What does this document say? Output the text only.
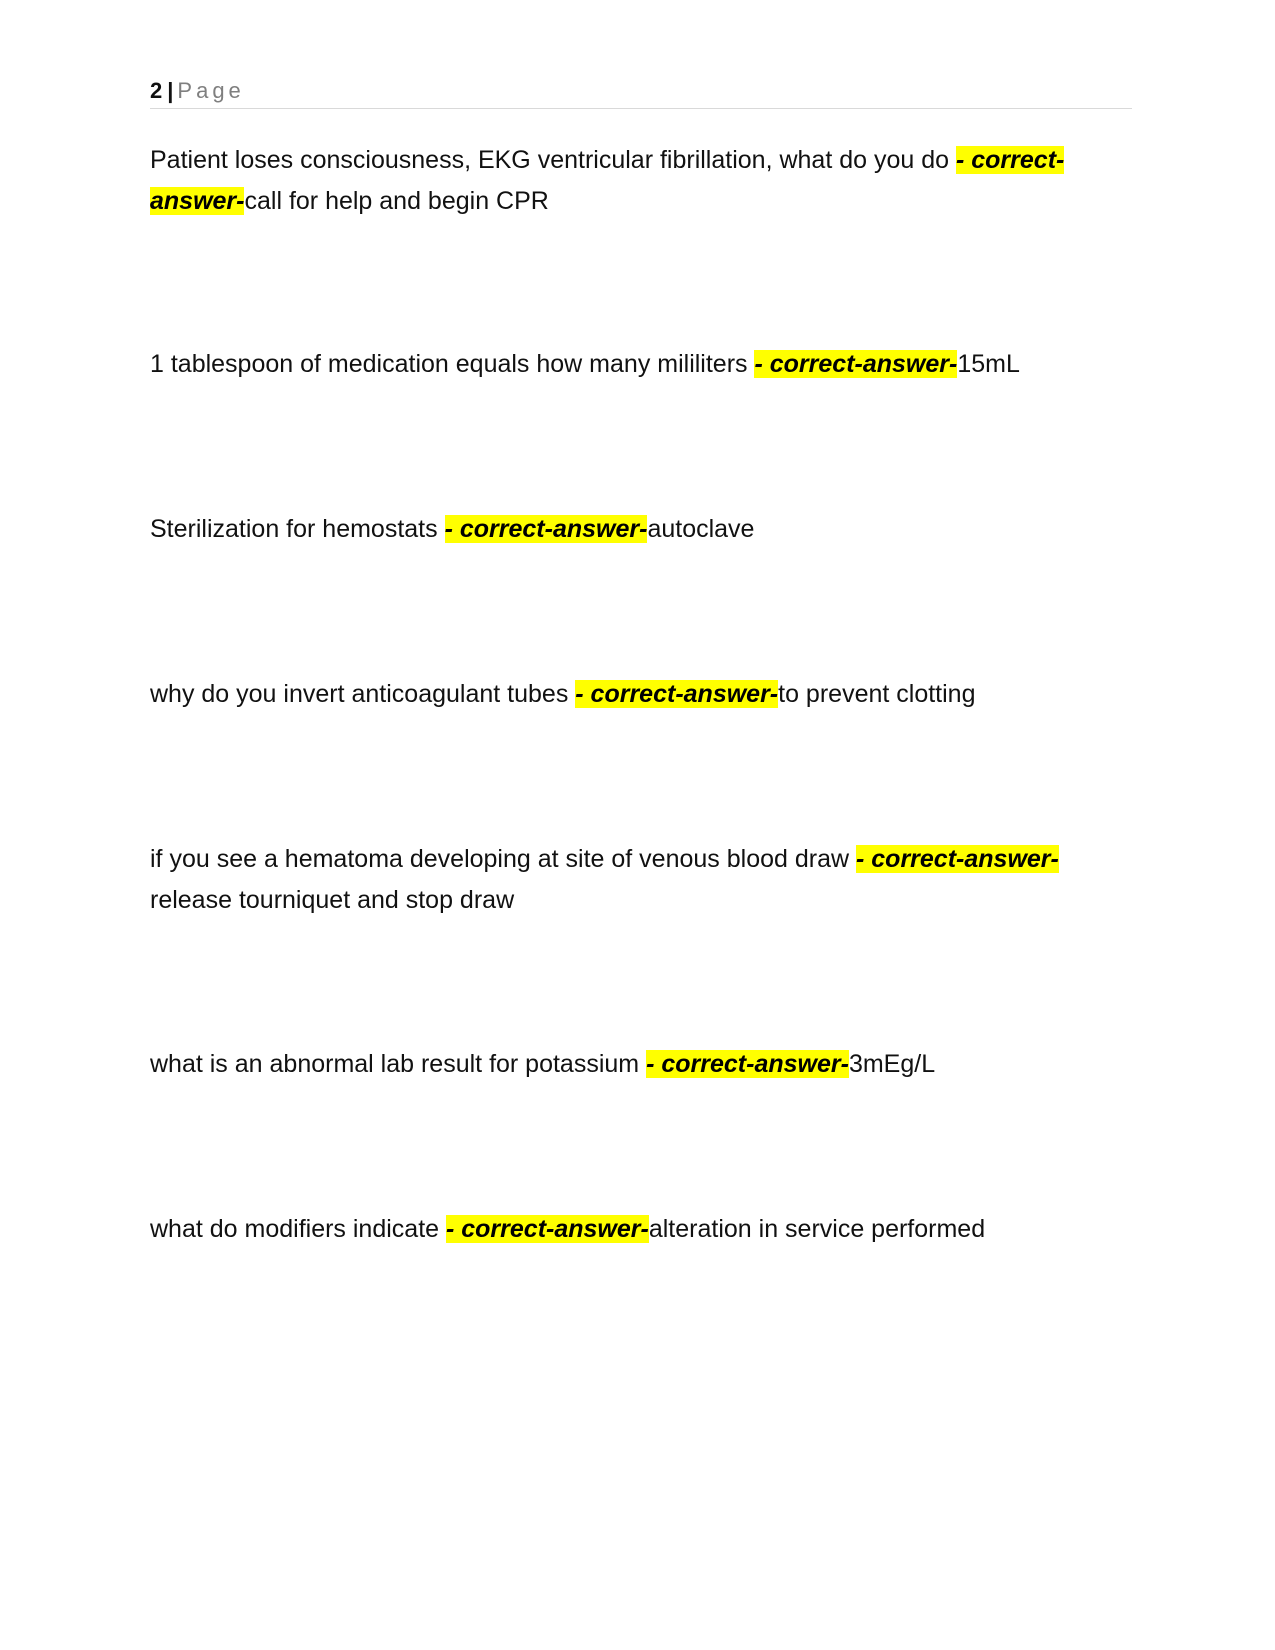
2 | Page

Patient loses consciousness, EKG ventricular fibrillation, what do you do - correct-answer-call for help and begin CPR

1 tablespoon of medication equals how many mililiters - correct-answer-15mL

Sterilization for hemostats - correct-answer-autoclave

why do you invert anticoagulant tubes - correct-answer-to prevent clotting

if you see a hematoma developing at site of venous blood draw - correct-answer-release tourniquet and stop draw

what is an abnormal lab result for potassium - correct-answer-3mEg/L

what do modifiers indicate - correct-answer-alteration in service performed
